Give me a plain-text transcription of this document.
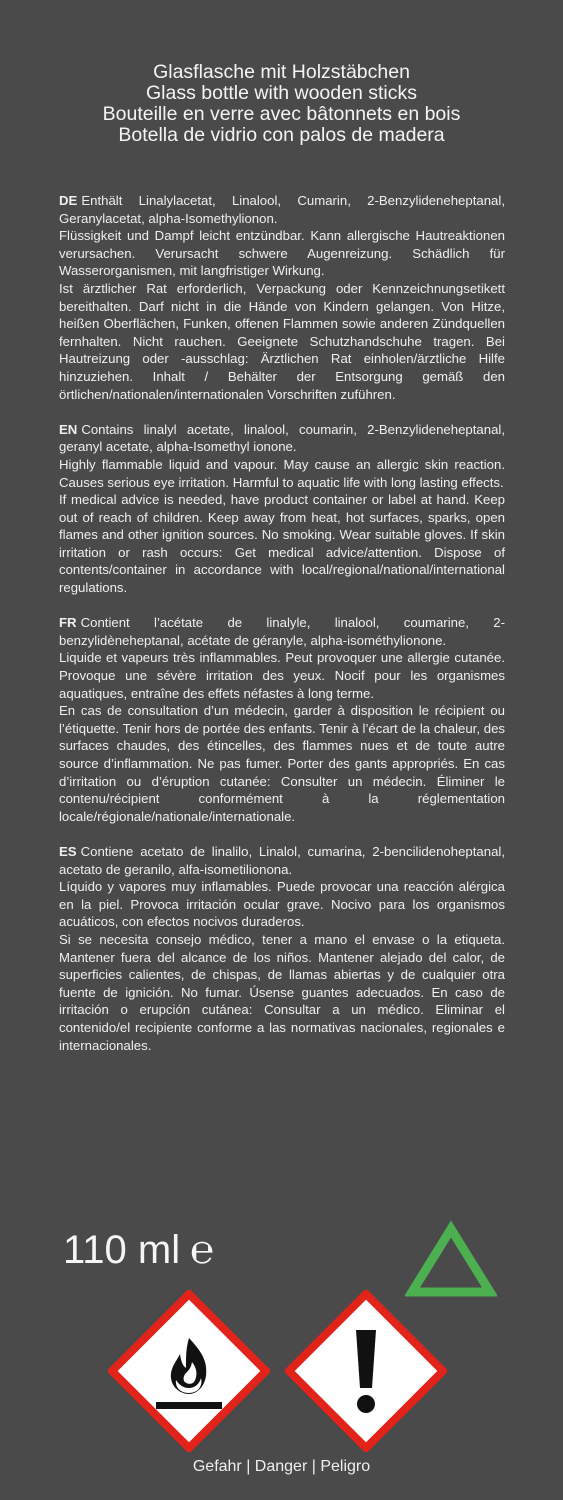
Glasflasche mit Holzstäbchen
Glass bottle with wooden sticks
Bouteille en verre avec bâtonnets en bois
Botella de vidrio con palos de madera

DE Enthält Linalylacetat, Linalool, Cumarin, 2-Benzylideneheptanal, Geranylacetat, alpha-Isomethylionon.

Flüssigkeit und Dampf leicht entzündbar. Kann allergische Hautreaktionen verursachen. Verursacht schwere Augenreizung. Schädlich für Wasserorganismen, mit langfristiger Wirkung.

Ist ärztlicher Rat erforderlich, Verpackung oder Kennzeichnungsetikett bereithalten. Darf nicht in die Hände von Kindern gelangen. Von Hitze, heißen Oberflächen, Funken, offenen Flammen sowie anderen Zündquellen fernhalten. Nicht rauchen. Geeignete Schutzhandschuhe tragen. Bei Hautreizung oder -ausschlag: Ärztlichen Rat einholen/ärztliche Hilfe hinzuziehen. Inhalt / Behälter der Entsorgung gemäß den örtlichen/nationalen/internationalen Vorschriften zuführen.

EN Contains linalyl acetate, linalool, coumarin, 2-Benzylideneheptanal, geranyl acetate, alpha-Isomethyl ionone.

Highly flammable liquid and vapour. May cause an allergic skin reaction. Causes serious eye irritation. Harmful to aquatic life with long lasting effects.

If medical advice is needed, have product container or label at hand. Keep out of reach of children. Keep away from heat, hot surfaces, sparks, open flames and other ignition sources. No smoking. Wear suitable gloves. If skin irritation or rash occurs: Get medical advice/attention. Dispose of contents/container in accordance with local/regional/national/international regulations.

FR Contient l’acétate de linalyle, linalool, coumarine, 2-benzylidèneheptanal, acétate de géranyle, alpha-isométhylionone.

Liquide et vapeurs très inflammables. Peut provoquer une allergie cutanée. Provoque une sévère irritation des yeux. Nocif pour les organismes aquatiques, entraîne des effets néfastes à long terme.

En cas de consultation d’un médecin, garder à disposition le récipient ou l’étiquette. Tenir hors de portée des enfants. Tenir à l’écart de la chaleur, des surfaces chaudes, des étincelles, des flammes nues et de toute autre source d’inflammation. Ne pas fumer. Porter des gants appropriés. En cas d’irritation ou d’éruption cutanée: Consulter un médecin. Éliminer le contenu/récipient conformément à la réglementation locale/régionale/nationale/internationale.

ES Contiene acetato de linalilo, Linalol, cumarina, 2-bencilidenoheptanal, acetato de geranilo, alfa-isometilionona.

Líquido y vapores muy inflamables. Puede provocar una reacción alérgica en la piel. Provoca irritación ocular grave. Nocivo para los organismos acuáticos, con efectos nocivos duraderos.

Si se necesita consejo médico, tener a mano el envase o la etiqueta. Mantener fuera del alcance de los niños. Mantener alejado del calor, de superficies calientes, de chispas, de llamas abiertas y de cualquier otra fuente de ignición. No fumar. Úsense guantes adecuados. En caso de irritación o erupción cutánea: Consultar a un médico. Eliminar el contenido/el recipiente conforme a las normativas nacionales, regionales e internacionales.

110 ml ℮
Gefahr | Danger | Peligro
